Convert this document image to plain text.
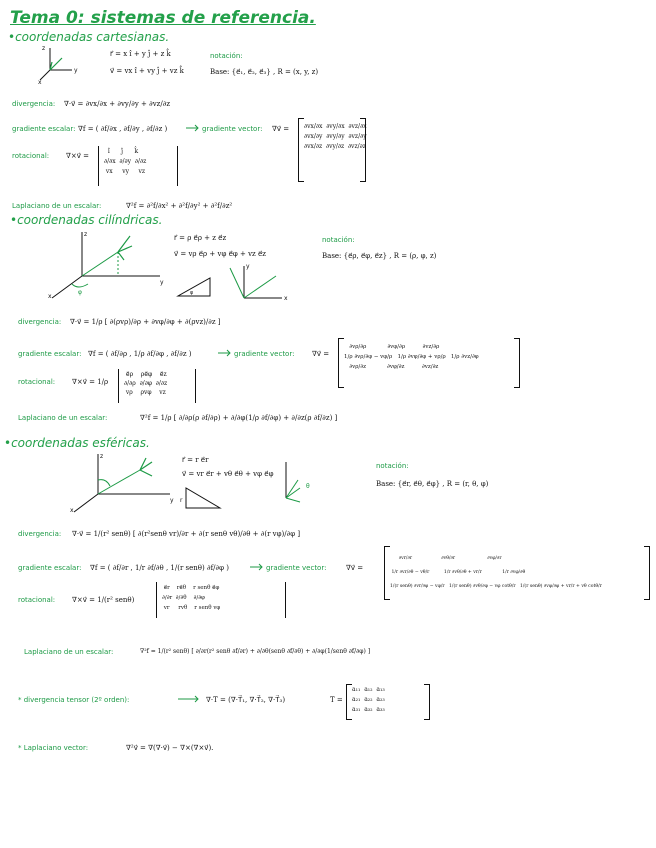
Tema 0: sistemas de referencia.
•coordenadas cartesianas.
y
z
x
r⃗ = x î + y ĵ + z k̂
v⃗ = vx î + vy ĵ + vz k̂
notación:
Base: {e⃗₁, e⃗₂, e⃗₃} , R = (x, y, z)
divergencia: ∇·v⃗ = ∂vx/∂x + ∂vy/∂y + ∂vz/∂z
gradiente escalar: ∇f = ( ∂f/∂x , ∂f/∂y , ∂f/∂z )	gradiente vector: ∇v⃗ = ∂vx/∂x  ∂vy/∂x  ∂vz/∂x
∂vx/∂y  ∂vy/∂y  ∂vz/∂y
∂vx/∂z  ∂vy/∂z  ∂vz/∂z
rotacional: ∇×v⃗ =
î      ĵ      k̂
∂/∂x  ∂/∂y  ∂/∂z
vx     vy     vz
Laplaciano de un escalar:	∇²f = ∂²f/∂x² + ∂²f/∂y² + ∂²f/∂z²
•coordenadas cilíndricas.
z
y
x
φ
r⃗ = ρ e⃗ρ + z e⃗z
v⃗ = vρ e⃗ρ + vφ e⃗φ + vz e⃗z
φ
x
y
notación:
Base: {e⃗ρ, e⃗φ, e⃗z} , R = (ρ, φ, z)
divergencia: ∇·v⃗ = 1/ρ [ ∂(ρvρ)/∂ρ + ∂vφ/∂φ + ∂(ρvz)/∂z ]
gradiente escalar: ∇f = ( ∂f/∂ρ , 1/ρ ∂f/∂φ , ∂f/∂z )	gradiente vector:	∇v⃗ =
∂vρ/∂ρ            ∂vφ/∂ρ          ∂vz/∂ρ
1/ρ ∂vρ/∂φ − vφ/ρ   1/ρ ∂vφ/∂φ + vρ/ρ   1/ρ ∂vz/∂φ
∂vρ/∂z            ∂vφ/∂z          ∂vz/∂z
rotacional: ∇×v⃗ = 1/ρ
e⃗ρ    ρe⃗φ    e⃗z
∂/∂ρ  ∂/∂φ  ∂/∂z
vρ    ρvφ    vz
Laplaciano de un escalar:	∇²f = 1/ρ [ ∂/∂ρ(ρ ∂f/∂ρ) + ∂/∂φ(1/ρ ∂f/∂φ) + ∂/∂z(ρ ∂f/∂z) ]
•coordenadas esféricas.
z
y
x
r⃗ = r e⃗r
v⃗ = vr e⃗r + vθ e⃗θ + vφ e⃗φ
r
θ
notación:
Base: {e⃗r, e⃗θ, e⃗φ} , R = (r, θ, φ)
divergencia: ∇·v⃗ = 1/(r² senθ) [ ∂(r²senθ vr)/∂r + ∂(r senθ vθ)/∂θ + ∂(r vφ)/∂φ ]
gradiente escalar: ∇f = ( ∂f/∂r , 1/r ∂f/∂θ , 1/(r senθ) ∂f/∂φ )	gradiente vector:	∇v⃗ =
∂vr/∂r                    ∂vθ/∂r                      ∂vφ/∂r
1/r ∂vr/∂θ − vθ/r          1/r ∂vθ/∂θ + vr/r              1/r ∂vφ/∂θ
1/(r senθ) ∂vr/∂φ − vφ/r   1/(r senθ) ∂vθ/∂φ − vφ cotθ/r   1/(r senθ) ∂vφ/∂φ + vr/r + vθ cotθ/r
rotacional: ∇×v⃗ = 1/(r² senθ)
e⃗r    re⃗θ    r senθ e⃗φ
∂/∂r  ∂/∂θ    ∂/∂φ
vr     rvθ    r senθ vφ
Laplaciano de un escalar:	∇²f = 1/(r² senθ) [ ∂/∂r(r² senθ ∂f/∂r) + ∂/∂θ(senθ ∂f/∂θ) + ∂/∂φ(1/senθ ∂f/∂φ) ]
* divergencia tensor (2º orden):	∇·T = (∇·T⃗₁, ∇·T⃗₂, ∇·T⃗₃)	T =
a₁₁  a₁₂  a₁₃
a₂₁  a₂₂  a₂₃
a₃₁  a₃₂  a₃₃
* Laplaciano vector:	∇²v⃗ = ∇(∇·v⃗) − ∇×(∇×v⃗).
